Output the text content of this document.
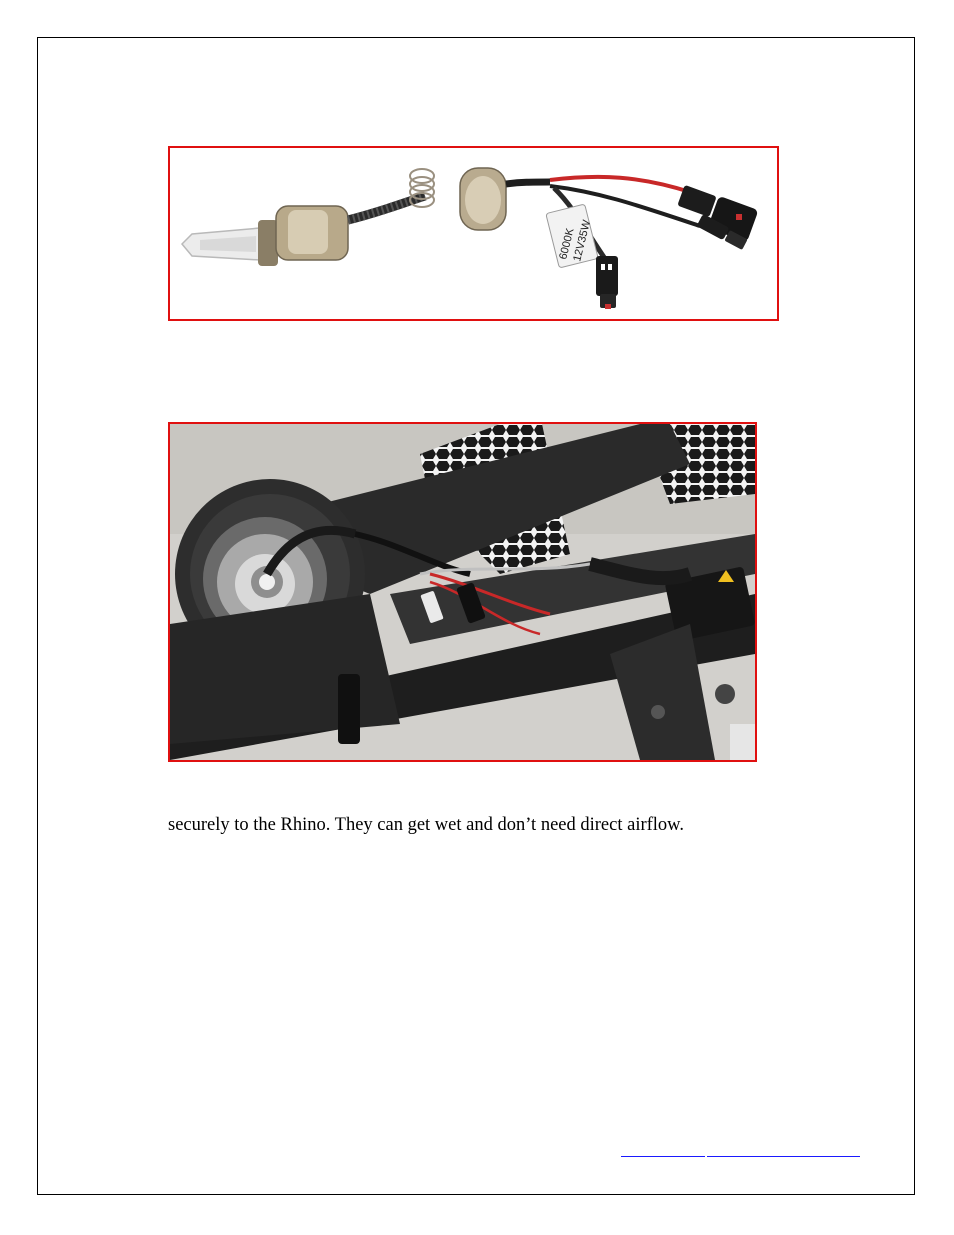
6000K
12V35W

securely to the Rhino. They can get wet and don’t need direct airflow.
